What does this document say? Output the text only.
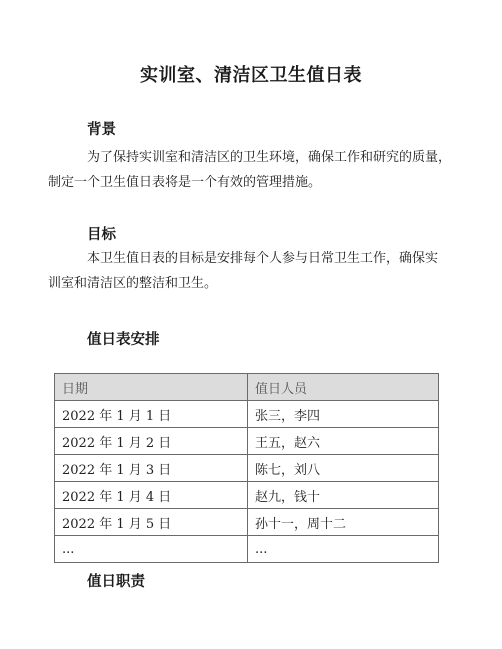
实训室、清洁区卫生值日表
背景
为了保持实训室和清洁区的卫生环境，确保工作和研究的质量，
制定一个卫生值日表将是一个有效的管理措施。
目标
本卫生值日表的目标是安排每个人参与日常卫生工作，确保实
训室和清洁区的整洁和卫生。
值日表安排
日期	值日人员
2022 年 1 月 1 日	张三，李四
2022 年 1 月 2 日	王五，赵六
2022 年 1 月 3 日	陈七，刘八
2022 年 1 月 4 日	赵九，钱十
2022 年 1 月 5 日	孙十一，周十二
...	...
值日职责
